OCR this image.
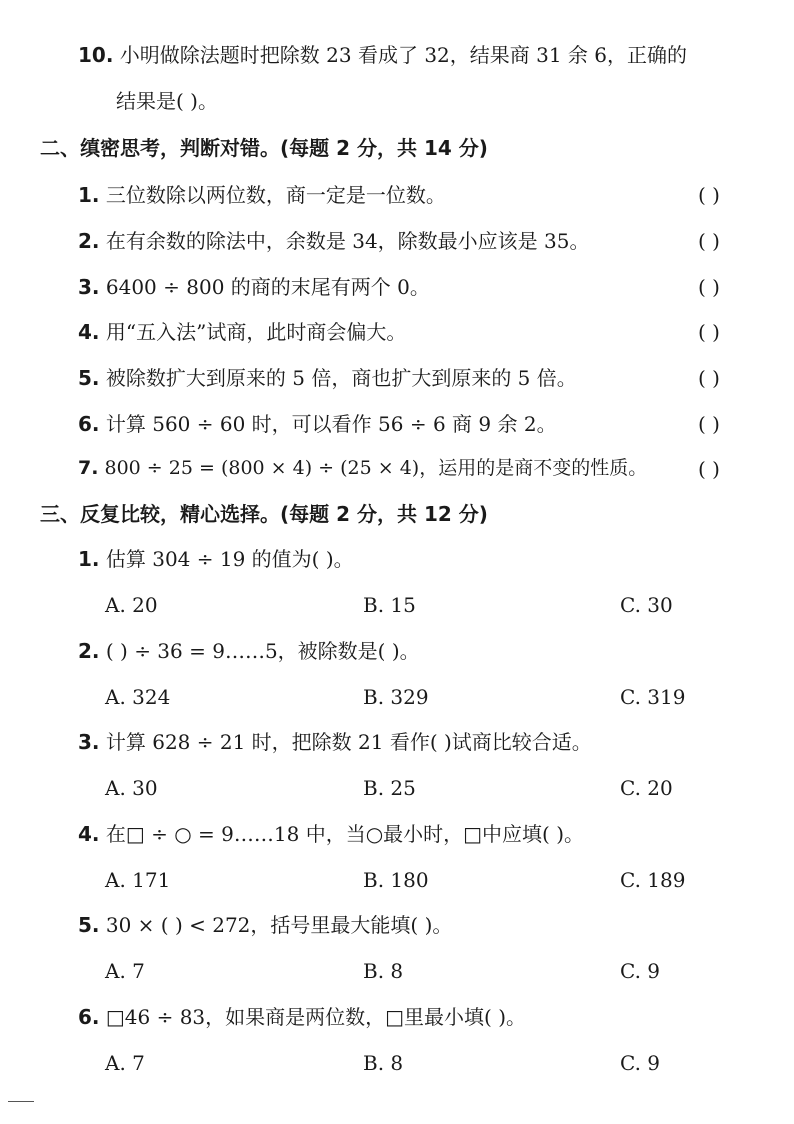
10. 小明做除法题时把除数 23 看成了 32，结果商 31 余 6，正确的
结果是( )。
二、缜密思考，判断对错。(每题 2 分，共 14 分)
1. 三位数除以两位数，商一定是一位数。	( )
2. 在有余数的除法中，余数是 34，除数最小应该是 35。	( )
3. 6400 ÷ 800 的商的末尾有两个 0。	( )
4. 用“五入法”试商，此时商会偏大。	( )
5. 被除数扩大到原来的 5 倍，商也扩大到原来的 5 倍。	( )
6. 计算 560 ÷ 60 时，可以看作 56 ÷ 6 商 9 余 2。	( )
7. 800 ÷ 25 = (800 × 4) ÷ (25 × 4)，运用的是商不变的性质。	( )
三、反复比较，精心选择。(每题 2 分，共 12 分)
1. 估算 304 ÷ 19 的值为( )。
A. 20	B. 15	C. 30
2. ( ) ÷ 36 = 9……5，被除数是( )。
A. 324	B. 329	C. 319
3. 计算 628 ÷ 21 时，把除数 21 看作( )试商比较合适。
A. 30	B. 25	C. 20
4. 在□ ÷ ○ = 9……18 中，当○最小时，□中应填( )。
A. 171	B. 180	C. 189
5. 30 × ( ) < 272，括号里最大能填( )。
A. 7	B. 8	C. 9
6. □46 ÷ 83，如果商是两位数，□里最小填( )。
A. 7	B. 8	C. 9
